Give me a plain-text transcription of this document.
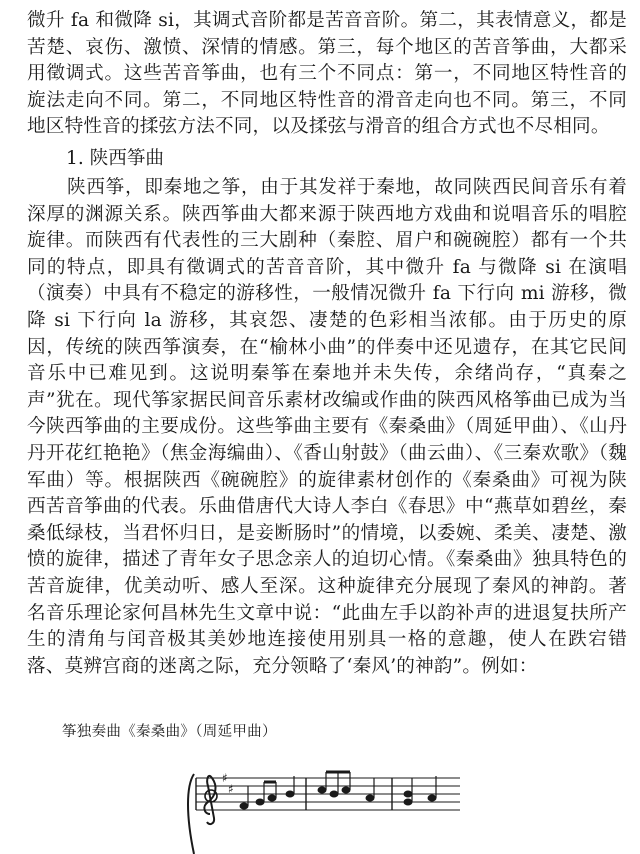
微升 fa 和微降 si，其调式音阶都是苦音音阶。第二，其表情意义，都是苦楚、哀伤、激愤、深情的情感。第三，每个地区的苦音筝曲，大都采用徵调式。这些苦音筝曲，也有三个不同点：第一，不同地区特性音的旋法走向不同。第二，不同地区特性音的滑音走向也不同。第三，不同地区特性音的揉弦方法不同，以及揉弦与滑音的组合方式也不尽相同。

1. 陕西筝曲

陕西筝，即秦地之筝，由于其发祥于秦地，故同陕西民间音乐有着深厚的渊源关系。陕西筝曲大都来源于陕西地方戏曲和说唱音乐的唱腔旋律。而陕西有代表性的三大剧种（秦腔、眉户和碗碗腔）都有一个共同的特点，即具有徵调式的苦音音阶，其中微升 fa 与微降 si 在演唱（演奏）中具有不稳定的游移性，一般情况微升 fa 下行向 mi 游移，微降 si 下行向 la 游移，其哀怨、凄楚的色彩相当浓郁。由于历史的原因，传统的陕西筝演奏，在“榆林小曲”的伴奏中还见遗存，在其它民间音乐中已难见到。这说明秦筝在秦地并未失传，余绪尚存，“真秦之声”犹在。现代筝家据民间音乐素材改编或作曲的陕西风格筝曲已成为当今陕西筝曲的主要成份。这些筝曲主要有《秦桑曲》（周延甲曲）、《山丹丹开花红艳艳》（焦金海编曲）、《香山射鼓》（曲云曲）、《三秦欢歌》（魏军曲）等。根据陕西《碗碗腔》的旋律素材创作的《秦桑曲》可视为陕西苦音筝曲的代表。乐曲借唐代大诗人李白《春思》中“燕草如碧丝，秦桑低绿枝，当君怀归日，是妾断肠时”的情境，以委婉、柔美、凄楚、激愤的旋律，描述了青年女子思念亲人的迫切心情。《秦桑曲》独具特色的苦音旋律，优美动听、感人至深。这种旋律充分展现了秦风的神韵。著名音乐理论家何昌林先生文章中说：“此曲左手以韵补声的进退复扶所产生的清角与闰音极其美妙地连接使用别具一格的意趣，使人在跌宕错落、莫辨宫商的迷离之际，充分领略了‘秦风’的神韵”。例如：

筝独奏曲《秦桑曲》（周延甲曲）

♯
♯
